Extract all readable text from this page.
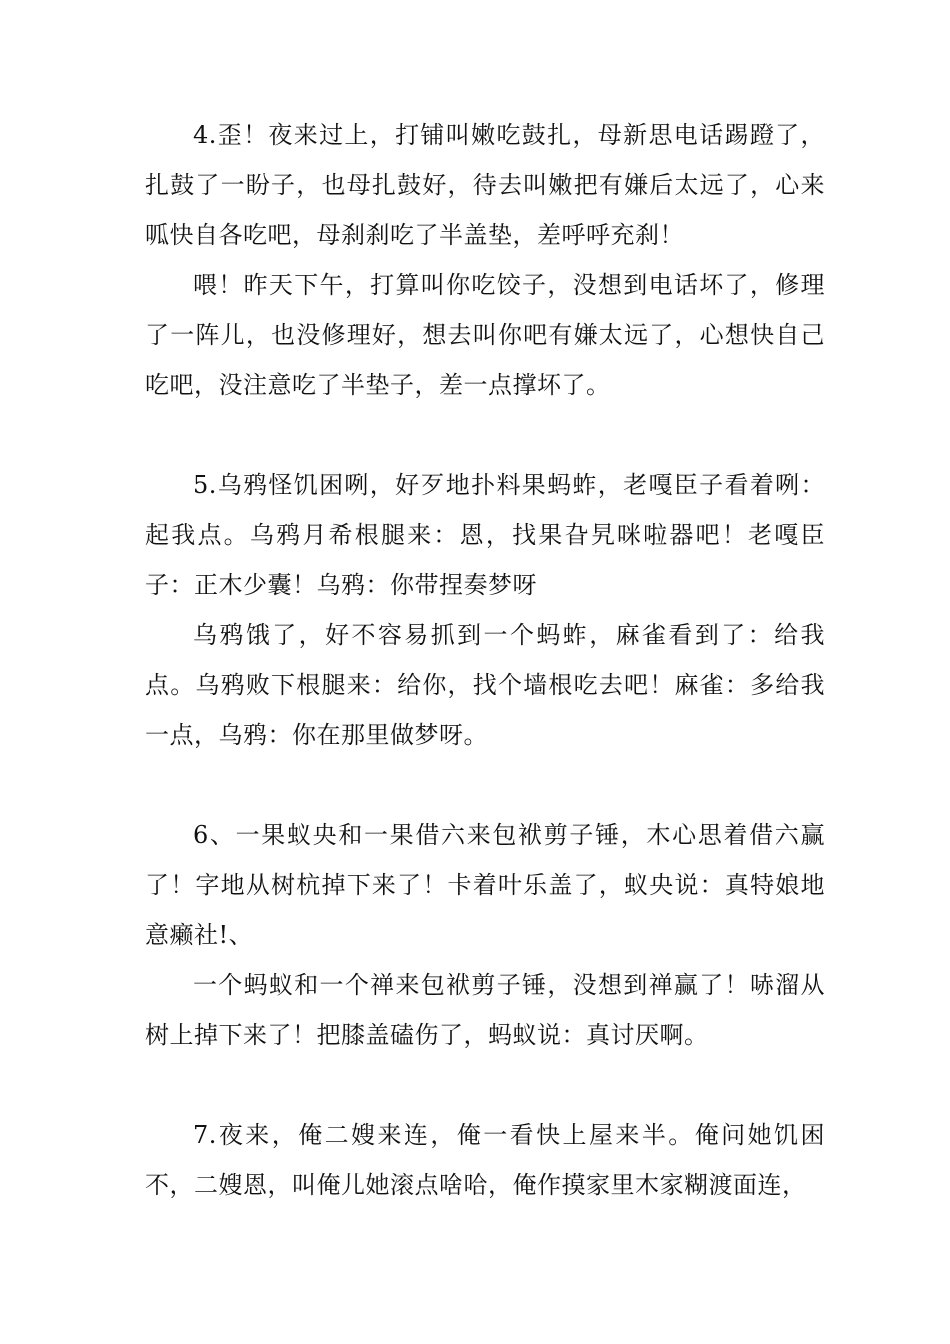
4.歪！夜来过上，打铺叫嫩吃鼓扎，母新思电话踢蹬了，扎鼓了一盼子，也母扎鼓好，待去叫嫩把有嫌后太远了，心来呱快自各吃吧，母刹刹吃了半盖垫，差呼呼充刹！

喂！昨天下午，打算叫你吃饺子，没想到电话坏了，修理了一阵儿，也没修理好，想去叫你吧有嫌太远了，心想快自己吃吧，没注意吃了半垫子，差一点撑坏了。

5.乌鸦怪饥困咧，好歹地扑料果蚂蚱，老嘎臣子看着咧：起我点。乌鸦月希根腿来：恩，找果旮旯咪啦器吧！老嘎臣子：正木少囊！乌鸦：你带捏奏梦呀

乌鸦饿了，好不容易抓到一个蚂蚱，麻雀看到了：给我点。乌鸦败下根腿来：给你，找个墙根吃去吧！麻雀：多给我一点，乌鸦：你在那里做梦呀。

6、一果蚁央和一果借六来包袱剪子锤，木心思着借六赢了！字地从树杭掉下来了！卡着叶乐盖了，蚁央说：真特娘地意癞社!、

一个蚂蚁和一个禅来包袱剪子锤，没想到禅赢了！哧溜从树上掉下来了！把膝盖磕伤了，蚂蚁说：真讨厌啊。

7.夜来，俺二嫂来连，俺一看快上屋来半。俺问她饥困不，二嫂恩，叫俺儿她滚点啥哈，俺作摸家里木家糊渡面连，
